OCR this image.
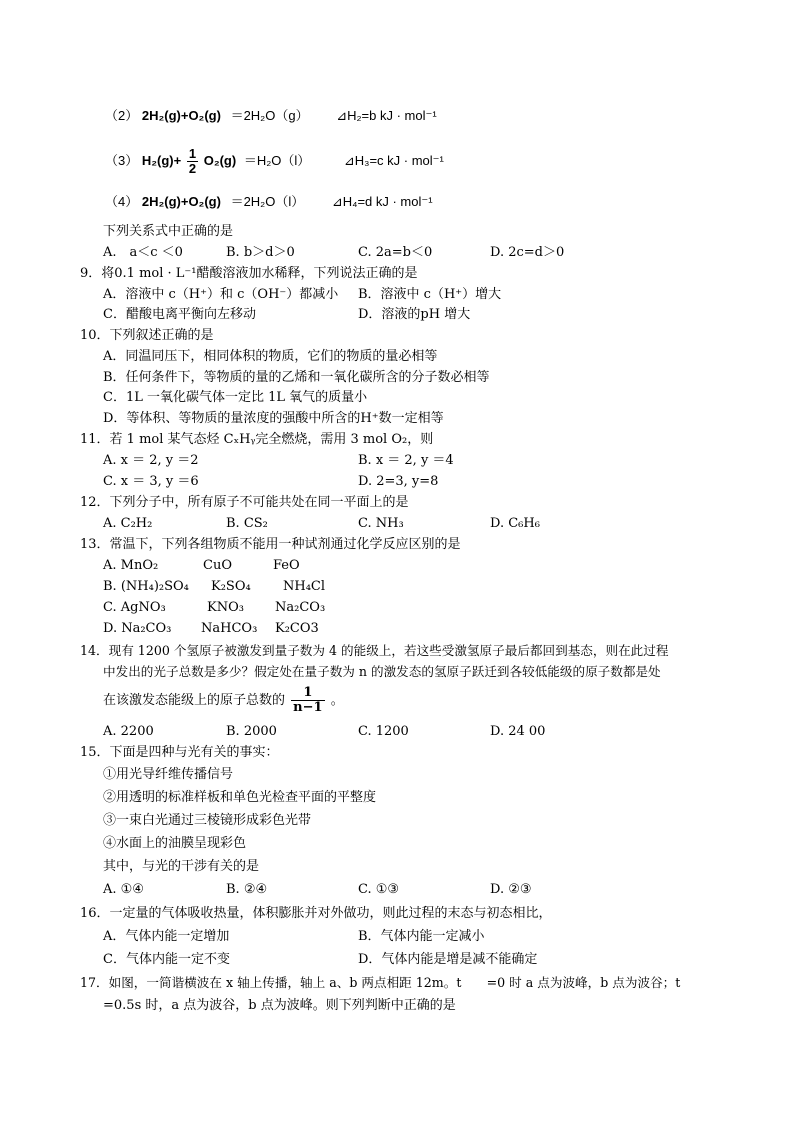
（2） 2H₂(g)+O₂(g) ＝2H₂O（g） ⊿H₂=b kJ · mol⁻¹
（3） $H_2(g)+ \frac{1}{2} O_2(g) =H_2O(l)$	⊿H₃=c kJ · mol⁻¹
（4） 2H₂(g)+O₂(g) ＝2H₂O（l） ⊿H₄=d kJ · mol⁻¹
下列关系式中正确的是
A.　a＜c ＜0	B. b＞d＞0	C. 2a=b＜0	D. 2c=d＞0
9．将0.1 mol · L⁻¹醋酸溶液加水稀释，下列说法正确的是
A．溶液中 c（H⁺）和 c（OH⁻）都减小 B．溶液中 c（H⁺）增大
C．醋酸电离平衡向左移动	D．溶液的pH 增大
10．下列叙述正确的是
A．同温同压下，相同体积的物质，它们的物质的量必相等
B．任何条件下，等物质的量的乙烯和一氧化碳所含的分子数必相等
C．1L 一氧化碳气体一定比 1L 氧气的质量小
D．等体积、等物质的量浓度的强酸中所含的H⁺数一定相等
11．若 1 mol 某气态烃 CₓHᵧ完全燃烧，需用 3 mol O₂，则
A. x ＝ 2, y ＝2	B. x ＝ 2, y ＝4
C. x ＝ 3, y ＝6	D. 2=3, y=8
12．下列分子中，所有原子不可能共处在同一平面上的是
A. C₂H₂	B. CS₂	C. NH₃	D. C₆H₆
13．常温下，下列各组物质不能用一种试剂通过化学反应区别的是
A. MnO₂	CuO	FeO
B. (NH₄)₂SO₄ K₂SO₄ NH₄Cl
C. AgNO₃	KNO₃ Na₂CO₃
D. Na₂CO₃ NaHCO₃ K₂CO3
14．现有 1200 个氢原子被激发到量子数为 4 的能级上，若这些受激氢原子最后都回到基态，则在此过程
中发出的光子总数是多少？假定处在量子数为 n 的激发态的氢原子跃迁到各较低能级的原子数都是处
在该激发态能级上的原子总数的 $\frac{1}{n-1}$ 。
A. 2200	B. 2000	C. 1200	D. 24 00
15．下面是四种与光有关的事实：
①用光导纤维传播信号
②用透明的标准样板和单色光检查平面的平整度
③一束白光通过三棱镜形成彩色光带
④水面上的油膜呈现彩色
其中，与光的干涉有关的是
A. ①④	B. ②④	C. ①③	D. ②③
16．一定量的气体吸收热量，体积膨胀并对外做功，则此过程的末态与初态相比，
A．气体内能一定增加	B．气体内能一定减小
C．气体内能一定不变	D．气体内能是增是减不能确定
17．如图，一简谐横波在 x 轴上传播，轴上 a、b 两点相距 12m。t　　=0 时 a 点为波峰，b 点为波谷；t
=0.5s 时，a 点为波谷，b 点为波峰。则下列判断中正确的是
